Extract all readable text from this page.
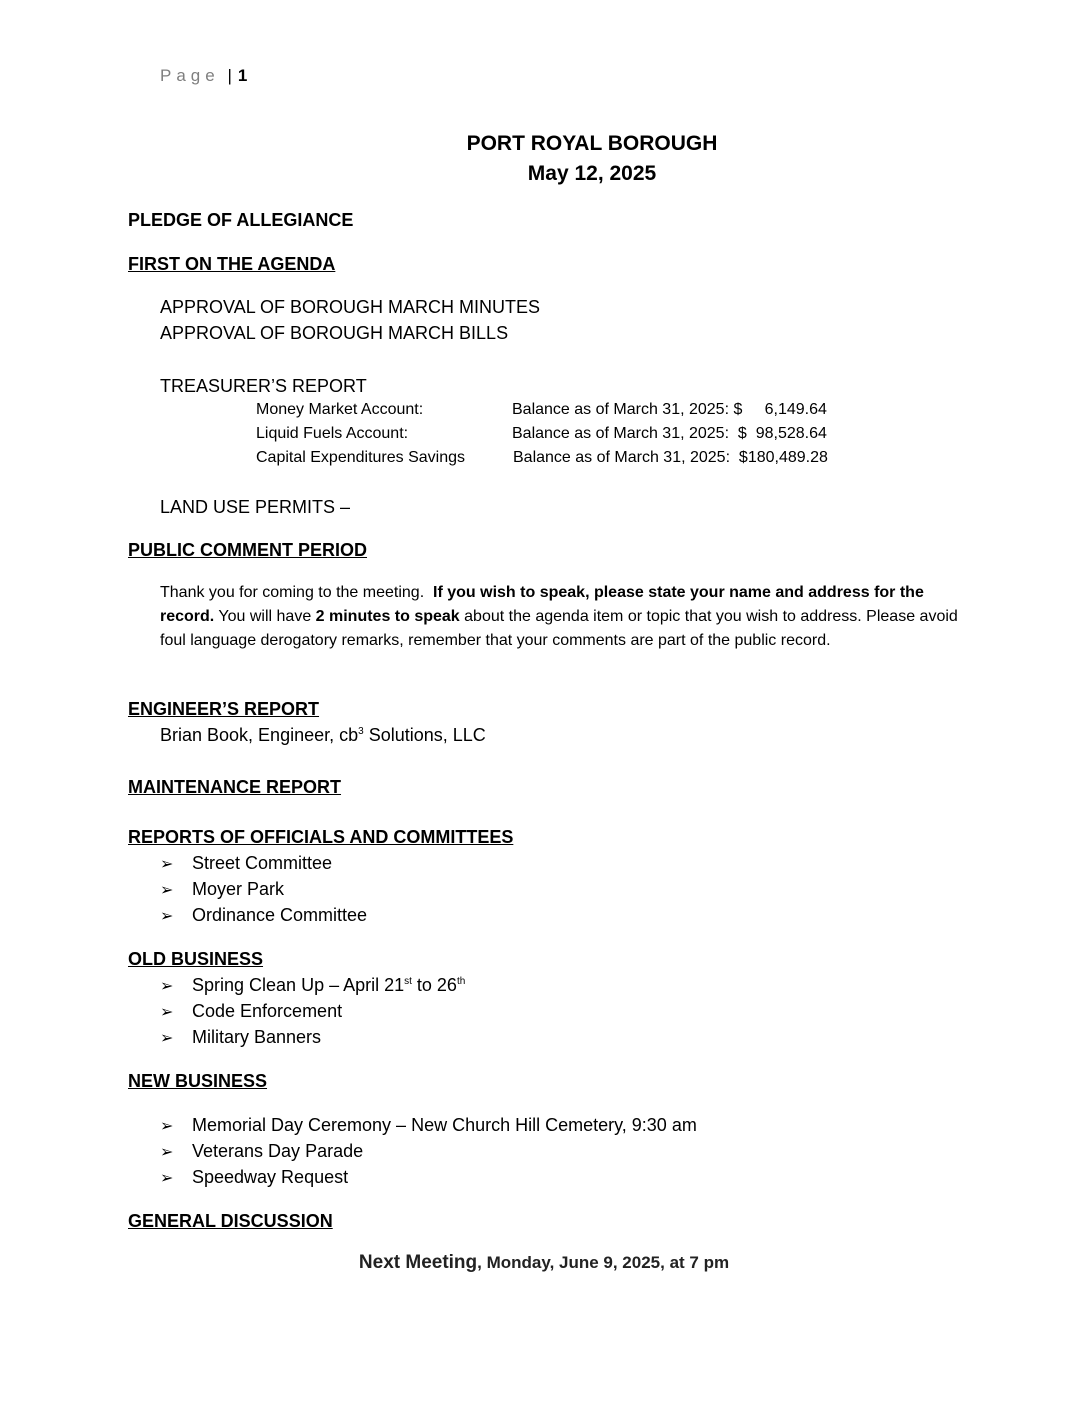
Page | 1
PORT ROYAL BOROUGH
May 12, 2025
PLEDGE OF ALLEGIANCE
FIRST ON THE AGENDA
APPROVAL OF BOROUGH MARCH MINUTES
APPROVAL OF BOROUGH MARCH BILLS
TREASURER’S REPORT
Money Market Account:	Balance as of March 31, 2025: $     6,149.64
Liquid Fuels Account:	Balance as of March 31, 2025:  $  98,528.64
Capital Expenditures Savings	Balance as of March 31, 2025:  $180,489.28
LAND USE PERMITS –
PUBLIC COMMENT PERIOD
Thank you for coming to the meeting.  If you wish to speak, please state your name and address for the record. You will have 2 minutes to speak about the agenda item or topic that you wish to address. Please avoid foul language derogatory remarks, remember that your comments are part of the public record.
ENGINEER’S REPORT
Brian Book, Engineer, $cb^3$ Solutions, LLC
MAINTENANCE REPORT
REPORTS OF OFFICIALS AND COMMITTEES
➢ Street Committee
➢ Moyer Park
➢ Ordinance Committee
OLD BUSINESS
➢ Spring Clean Up – April 21st to 26th
➢ Code Enforcement
➢ Military Banners
NEW BUSINESS
➢ Memorial Day Ceremony – New Church Hill Cemetery, 9:30 am
➢ Veterans Day Parade
➢ Speedway Request
GENERAL DISCUSSION
Next Meeting, Monday, June 9, 2025, at 7 pm
